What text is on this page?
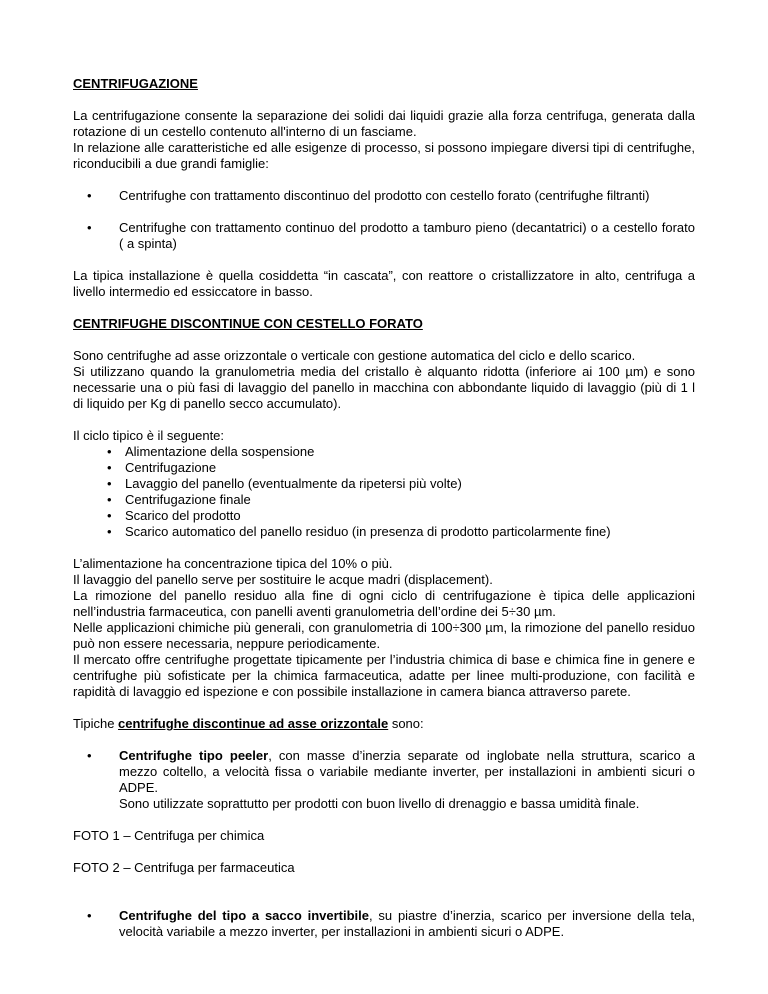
CENTRIFUGAZIONE

La centrifugazione consente la separazione dei solidi dai liquidi grazie alla forza centrifuga, generata dalla rotazione di un cestello contenuto all'interno di un fasciame.

In relazione alle caratteristiche ed alle esigenze di processo, si possono impiegare diversi tipi di centrifughe, riconducibili a due grandi famiglie:

• Centrifughe con trattamento discontinuo del prodotto con cestello forato (centrifughe filtranti)
• Centrifughe con trattamento continuo del prodotto a tamburo pieno (decantatrici) o a cestello forato ( a spinta)

La tipica installazione è quella cosiddetta “in cascata”, con reattore o cristallizzatore in alto, centrifuga a livello intermedio ed essiccatore in basso.

CENTRIFUGHE DISCONTINUE CON CESTELLO FORATO

Sono centrifughe ad asse orizzontale o verticale con gestione automatica del ciclo e dello scarico.

Si utilizzano quando la granulometria media del cristallo è alquanto ridotta (inferiore ai 100 µm) e sono necessarie una o più fasi di lavaggio del panello in macchina con abbondante liquido di lavaggio (più di 1 l di liquido per Kg di panello secco accumulato).

Il ciclo tipico è il seguente:

• Alimentazione della sospensione
• Centrifugazione
• Lavaggio del panello (eventualmente da ripetersi più volte)
• Centrifugazione finale
• Scarico del prodotto
• Scarico automatico del panello residuo (in presenza di prodotto particolarmente fine)

L’alimentazione ha concentrazione tipica del 10% o più.

Il lavaggio del panello serve per sostituire le acque madri (displacement).

La rimozione del panello residuo alla fine di ogni ciclo di centrifugazione è tipica delle applicazioni nell’industria farmaceutica, con panelli aventi granulometria dell’ordine dei 5÷30 µm.

Nelle applicazioni chimiche più generali, con granulometria di 100÷300 µm, la rimozione del panello residuo può non essere necessaria, neppure periodicamente.

Il mercato offre centrifughe progettate tipicamente per l’industria chimica di base e chimica fine in genere e centrifughe più sofisticate per la chimica farmaceutica, adatte per linee multi-produzione, con facilità e rapidità di lavaggio ed ispezione e con possibile installazione in camera bianca attraverso parete.

Tipiche centrifughe discontinue ad asse orizzontale sono:

• Centrifughe tipo peeler, con masse d’inerzia separate od inglobate nella struttura, scarico a mezzo coltello, a velocità fissa o variabile mediante inverter, per installazioni in ambienti sicuri o ADPE.
Sono utilizzate soprattutto per prodotti con buon livello di drenaggio e bassa umidità finale.

FOTO 1 – Centrifuga per chimica

FOTO 2 – Centrifuga per farmaceutica

• Centrifughe del tipo a sacco invertibile, su piastre d’inerzia, scarico per inversione della tela, velocità variabile a mezzo inverter, per installazioni in ambienti sicuri o ADPE.
